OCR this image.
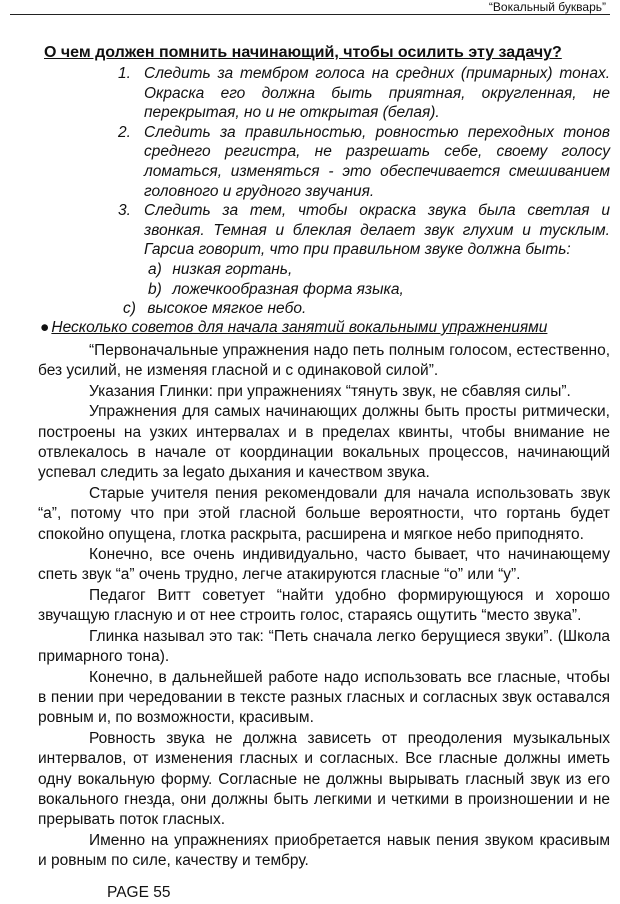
“Вокальный букварь”
О чем должен помнить начинающий, чтобы осилить эту задачу?
1. Следить за тембром голоса на средних (примарных) тонах. Окраска его должна быть приятная, округленная, не перекрытая, но и не открытая (белая).
2. Следить за правильностью, ровностью переходных тонов среднего регистра, не разрешать себе, своему голосу ломаться, изменяться - это обеспечивается смешиванием головного и грудного звучания.
3. Следить за тем, чтобы окраска звука была светлая и звонкая. Темная и блеклая делает звук глухим и тусклым. Гарсиа говорит, что при правильном звуке должна быть:
a) низкая гортань,
b) ложечкообразная форма языка,
c) высокое мягкое небо.
● Несколько советов для начала занятий вокальными упражнениями

“Первоначальные упражнения надо петь полным голосом, естественно, без усилий, не изменяя гласной и с одинаковой силой”.

Указания Глинки: при упражнениях “тянуть звук, не сбавляя силы”.

Упражнения для самых начинающих должны быть просты ритмически, построены на узких интервалах и в пределах квинты, чтобы внимание не отвлекалось в начале от координации вокальных процессов, начинающий успевал следить за legato дыхания и качеством звука.

Старые учителя пения рекомендовали для начала использовать звук “а”, потому что при этой гласной больше вероятности, что гортань будет спокойно опущена, глотка раскрыта, расширена и мягкое небо приподнято.

Конечно, все очень индивидуально, часто бывает, что начинающему спеть звук “а” очень трудно, легче атакируются гласные “о” или “у”.

Педагог Витт советует “найти удобно формирующуюся и хорошо звучащую гласную и от нее строить голос, стараясь ощутить “место звука”.

Глинка называл это так: “Петь сначала легко берущиеся звуки”. (Школа примарного тона).

Конечно, в дальнейшей работе надо использовать все гласные, чтобы в пении при чередовании в тексте разных гласных и согласных звук оставался ровным и, по возможности, красивым.

Ровность звука не должна зависеть от преодоления музыкальных интервалов, от изменения гласных и согласных. Все гласные должны иметь одну вокальную форму. Согласные не должны вырывать гласный звук из его вокального гнезда, они должны быть легкими и четкими в произношении и не прерывать поток гласных.

Именно на упражнениях приобретается навык пения звуком красивым и ровным по силе, качеству и тембру.

PAGE 55
